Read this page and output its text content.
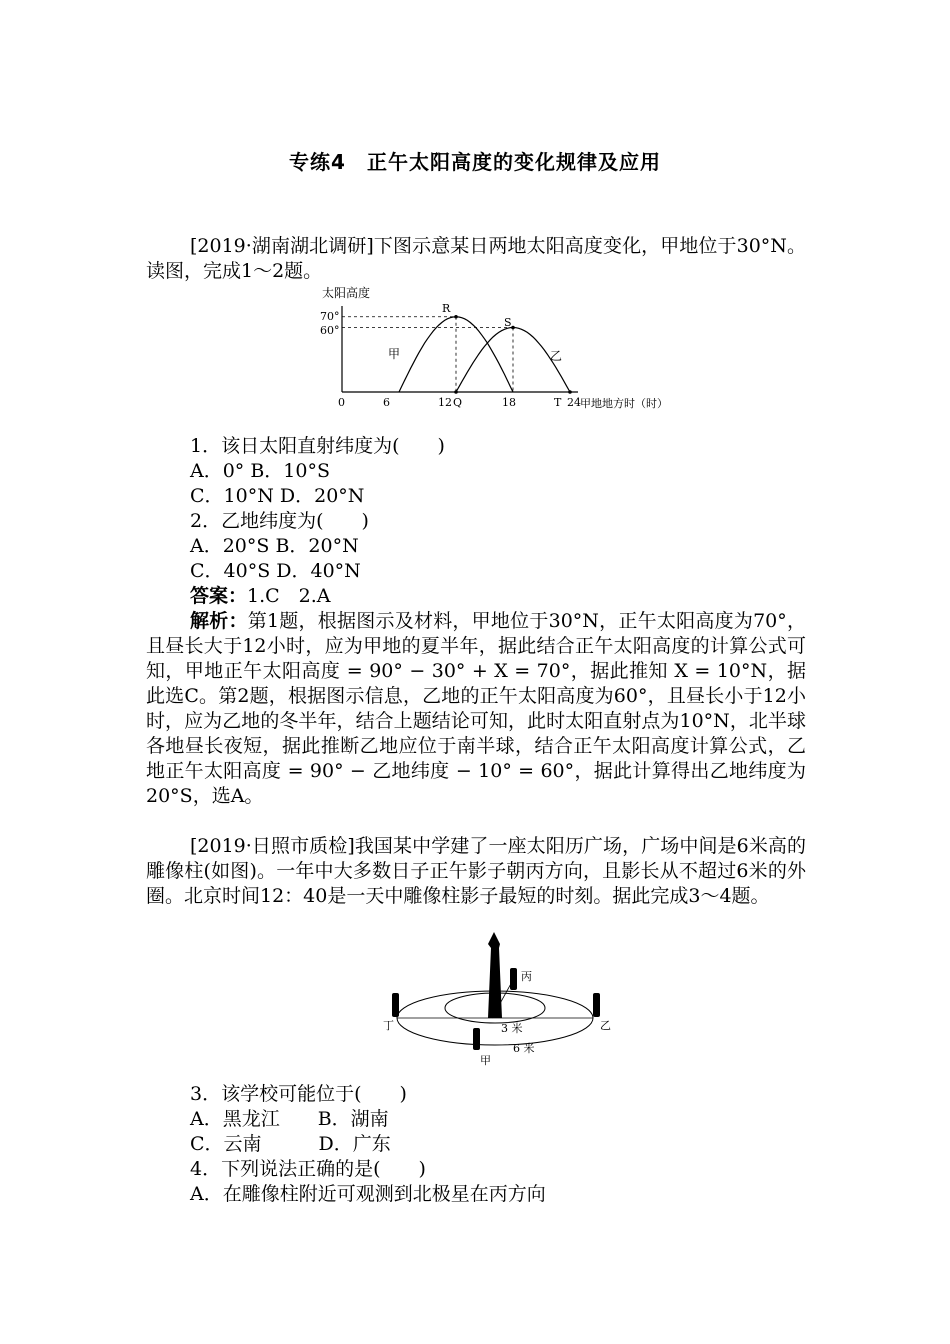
专练4　正午太阳高度的变化规律及应用
[2019·湖南湖北调研]下图示意某日两地太阳高度变化，甲地位于30°N。读图，完成1～2题。
太阳高度
70°
60°
0	6	12	18	24
Q	T
R
S
甲	乙
甲地地方时（时）
1．该日太阳直射纬度为(　　)
A．0° B．10°S
C．10°N D．20°N
2．乙地纬度为(　　)
A．20°S B．20°N
C．40°S D．40°N
答案：1.C　2.A
解析：第1题，根据图示及材料，甲地位于30°N，正午太阳高度为70°，且昼长大于12小时，应为甲地的夏半年，据此结合正午太阳高度的计算公式可知，甲地正午太阳高度 = 90° − 30° + X = 70°，据此推知 X = 10°N，据此选C。第2题，根据图示信息，乙地的正午太阳高度为60°，且昼长小于12小时，应为乙地的冬半年，结合上题结论可知，此时太阳直射点为10°N，北半球各地昼长夜短，据此推断乙地应位于南半球，结合正午太阳高度计算公式，乙地正午太阳高度 = 90° − 乙地纬度 − 10° = 60°，据此计算得出乙地纬度为20°S，选A。
[2019·日照市质检]我国某中学建了一座太阳历广场，广场中间是6米高的雕像柱(如图)。一年中大多数日子正午影子朝丙方向，且影长从不超过6米的外圈。北京时间12：40是一天中雕像柱影子最短的时刻。据此完成3～4题。
丙
丁	乙
甲
3 米
6 米
3．该学校可能位于(　　)
A．黑龙江　　B．湖南
C．云南　　　D．广东
4．下列说法正确的是(　　)
A．在雕像柱附近可观测到北极星在丙方向
